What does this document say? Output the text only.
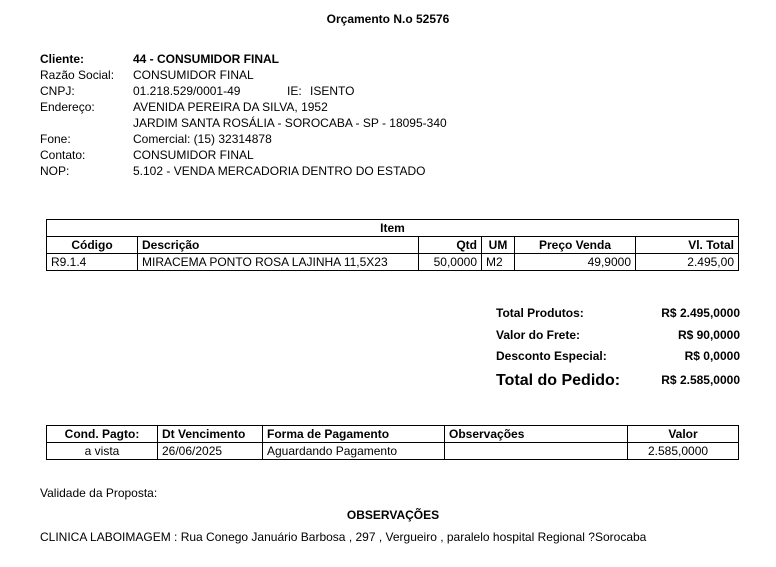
Orçamento N.o 52576
Cliente:	44 - CONSUMIDOR FINAL
Razão Social: CONSUMIDOR FINAL
CNPJ:	01.218.529/0001-49	IE: ISENTO
Endereço:	AVENIDA PEREIRA DA SILVA, 1952
JARDIM SANTA ROSÁLIA - SOROCABA - SP - 18095-340
Fone:	Comercial: (15) 32314878
Contato:	CONSUMIDOR FINAL
NOP:	5.102 - VENDA MERCADORIA DENTRO DO ESTADO
Item					
Código	Descrição	Qtd	UM	Preço Venda	Vl. Total
R9.1.4	MIRACEMA PONTO ROSA LAJINHA 11,5X23	50,0000	M2	49,9000	2.495,00
Total Produtos:	R$ 2.495,0000
Valor do Frete:	R$ 90,0000
Desconto Especial:	R$ 0,0000
Total do Pedido:	R$ 2.585,0000
Cond. Pagto:	Dt Vencimento	Forma de Pagamento	Observações	Valor
a vista	26/06/2025	Aguardando Pagamento		2.585,0000
Validade da Proposta:
OBSERVAÇÕES
CLINICA LABOIMAGEM : Rua Conego Januário Barbosa , 297 , Vergueiro , paralelo hospital Regional ?Sorocaba
